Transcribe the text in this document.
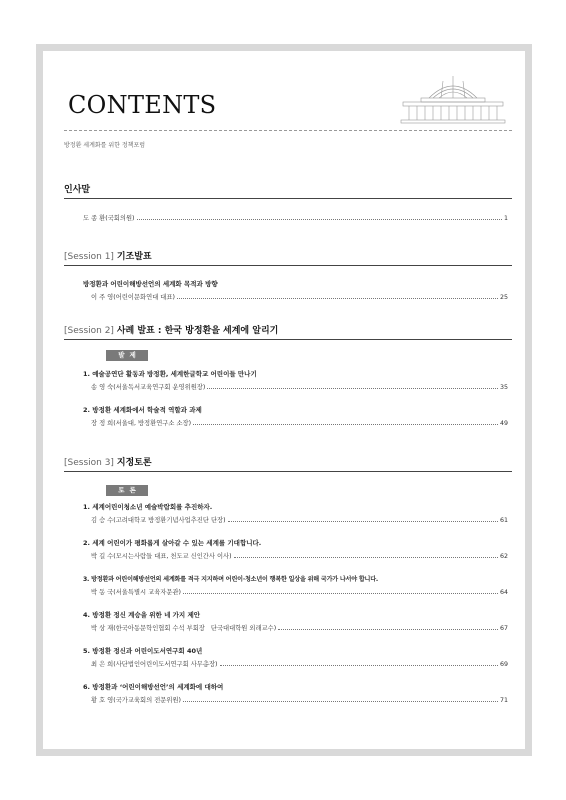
CONTENTS
방정환 세계화를 위한 정책포럼
인사말
도 종 환(국회의원)	1
[Session 1] 기조발표
방정환과 어린이해방선언의 세계화 목적과 방향
이 주 영(어린이문화연대 대표)	25
[Session 2] 사례 발표 : 한국 방정환을 세계에 알리기
발제
1. 예술공연단 활동과 방정환, 세계한글학교 어린이들 만나기
송 영 숙(서울독서교육연구회 운영위원장)	35
2. 방정환 세계화에서 학술적 역할과 과제
장 정 희(서울대, 방정환연구소 소장)	49
[Session 3] 지정토론
토론
1. 세계어린이청소년 예술박람회를 추진하자.
김 승 수(고려대학교 방정환기념사업추진단 단장)	61
2. 세계 어린이가 평화롭게 살아갈 수 있는 세계를 기대합니다.
박 길 수(모시는사람들 대표, 천도교 신인간사 이사)	62
3. 방정환과 어린이해방선언의 세계화를 적극 지지하며 어린이·청소년이 행복한 일상을 위해 국가가 나서야 합니다.
박 동 국(서울특별시 교육자문관)	64
4. 방정환 정신 계승을 위한 네 가지 제안
박 상 재(한국아동문학인협회 수석 부회장   단국대대학원 외래교수)	67
5. 방정환 정신과 어린이도서연구회 40년
최 은 희(사단법인어린이도서연구회 사무총장)	69
6. 방정환과 ‘어린이해방선언’의 세계화에 대하여
황 호 영(국가교육회의 전문위원)	71
